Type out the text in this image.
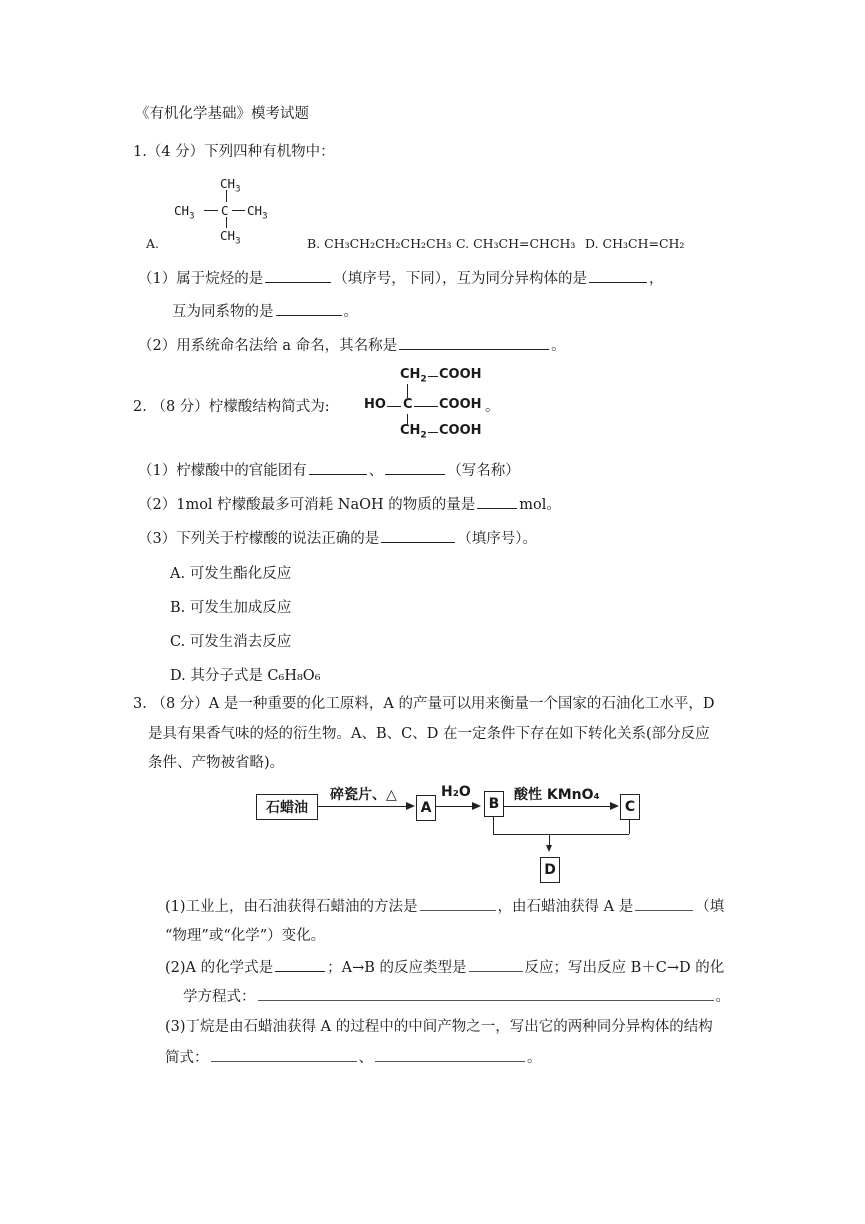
《有机化学基础》模考试题
1.（4 分）下列四种有机物中：
$CH_3$
$CH_3$ C $CH_3$
$CH_3$
A.	B. CH₃CH₂CH₂CH₂CH₃ C. CH₃CH=CHCH₃ D. CH₃CH=CH₂
（1）属于烷烃的是	（填序号，下同），互为同分异构体的是	，
互为同系物的是	。
（2）用系统命名法给 a 命名，其名称是	。
2. （8 分）柠檬酸结构简式为:
$CH_2$ COOH
HO C COOH
$CH_2$ COOH
。
（1）柠檬酸中的官能团有	、	（写名称）
（2）1mol 柠檬酸最多可消耗 NaOH 的物质的量是	mol。
（3）下列关于柠檬酸的说法正确的是	（填序号）。
A. 可发生酯化反应
B. 可发生加成反应
C. 可发生消去反应
D. 其分子式是 C₆H₈O₆
3. （8 分）A 是一种重要的化工原料，A 的产量可以用来衡量一个国家的石油化工水平，D
是具有果香气味的烃的衍生物。A、B、C、D 在一定条件下存在如下转化关系(部分反应
条件、产物被省略)。
石蜡油
碎瓷片、△
A
H₂O
B
酸性 KMnO₄
C
D
(1)工业上，由石油获得石蜡油的方法是	，由石蜡油获得 A 是	（填
“物理”或“化学”）变化。
(2)A 的化学式是	；A→B 的反应类型是	反应；写出反应 B＋C→D 的化
学方程式：	。
(3)丁烷是由石蜡油获得 A 的过程中的中间产物之一，写出它的两种同分异构体的结构
简式：	、	。
